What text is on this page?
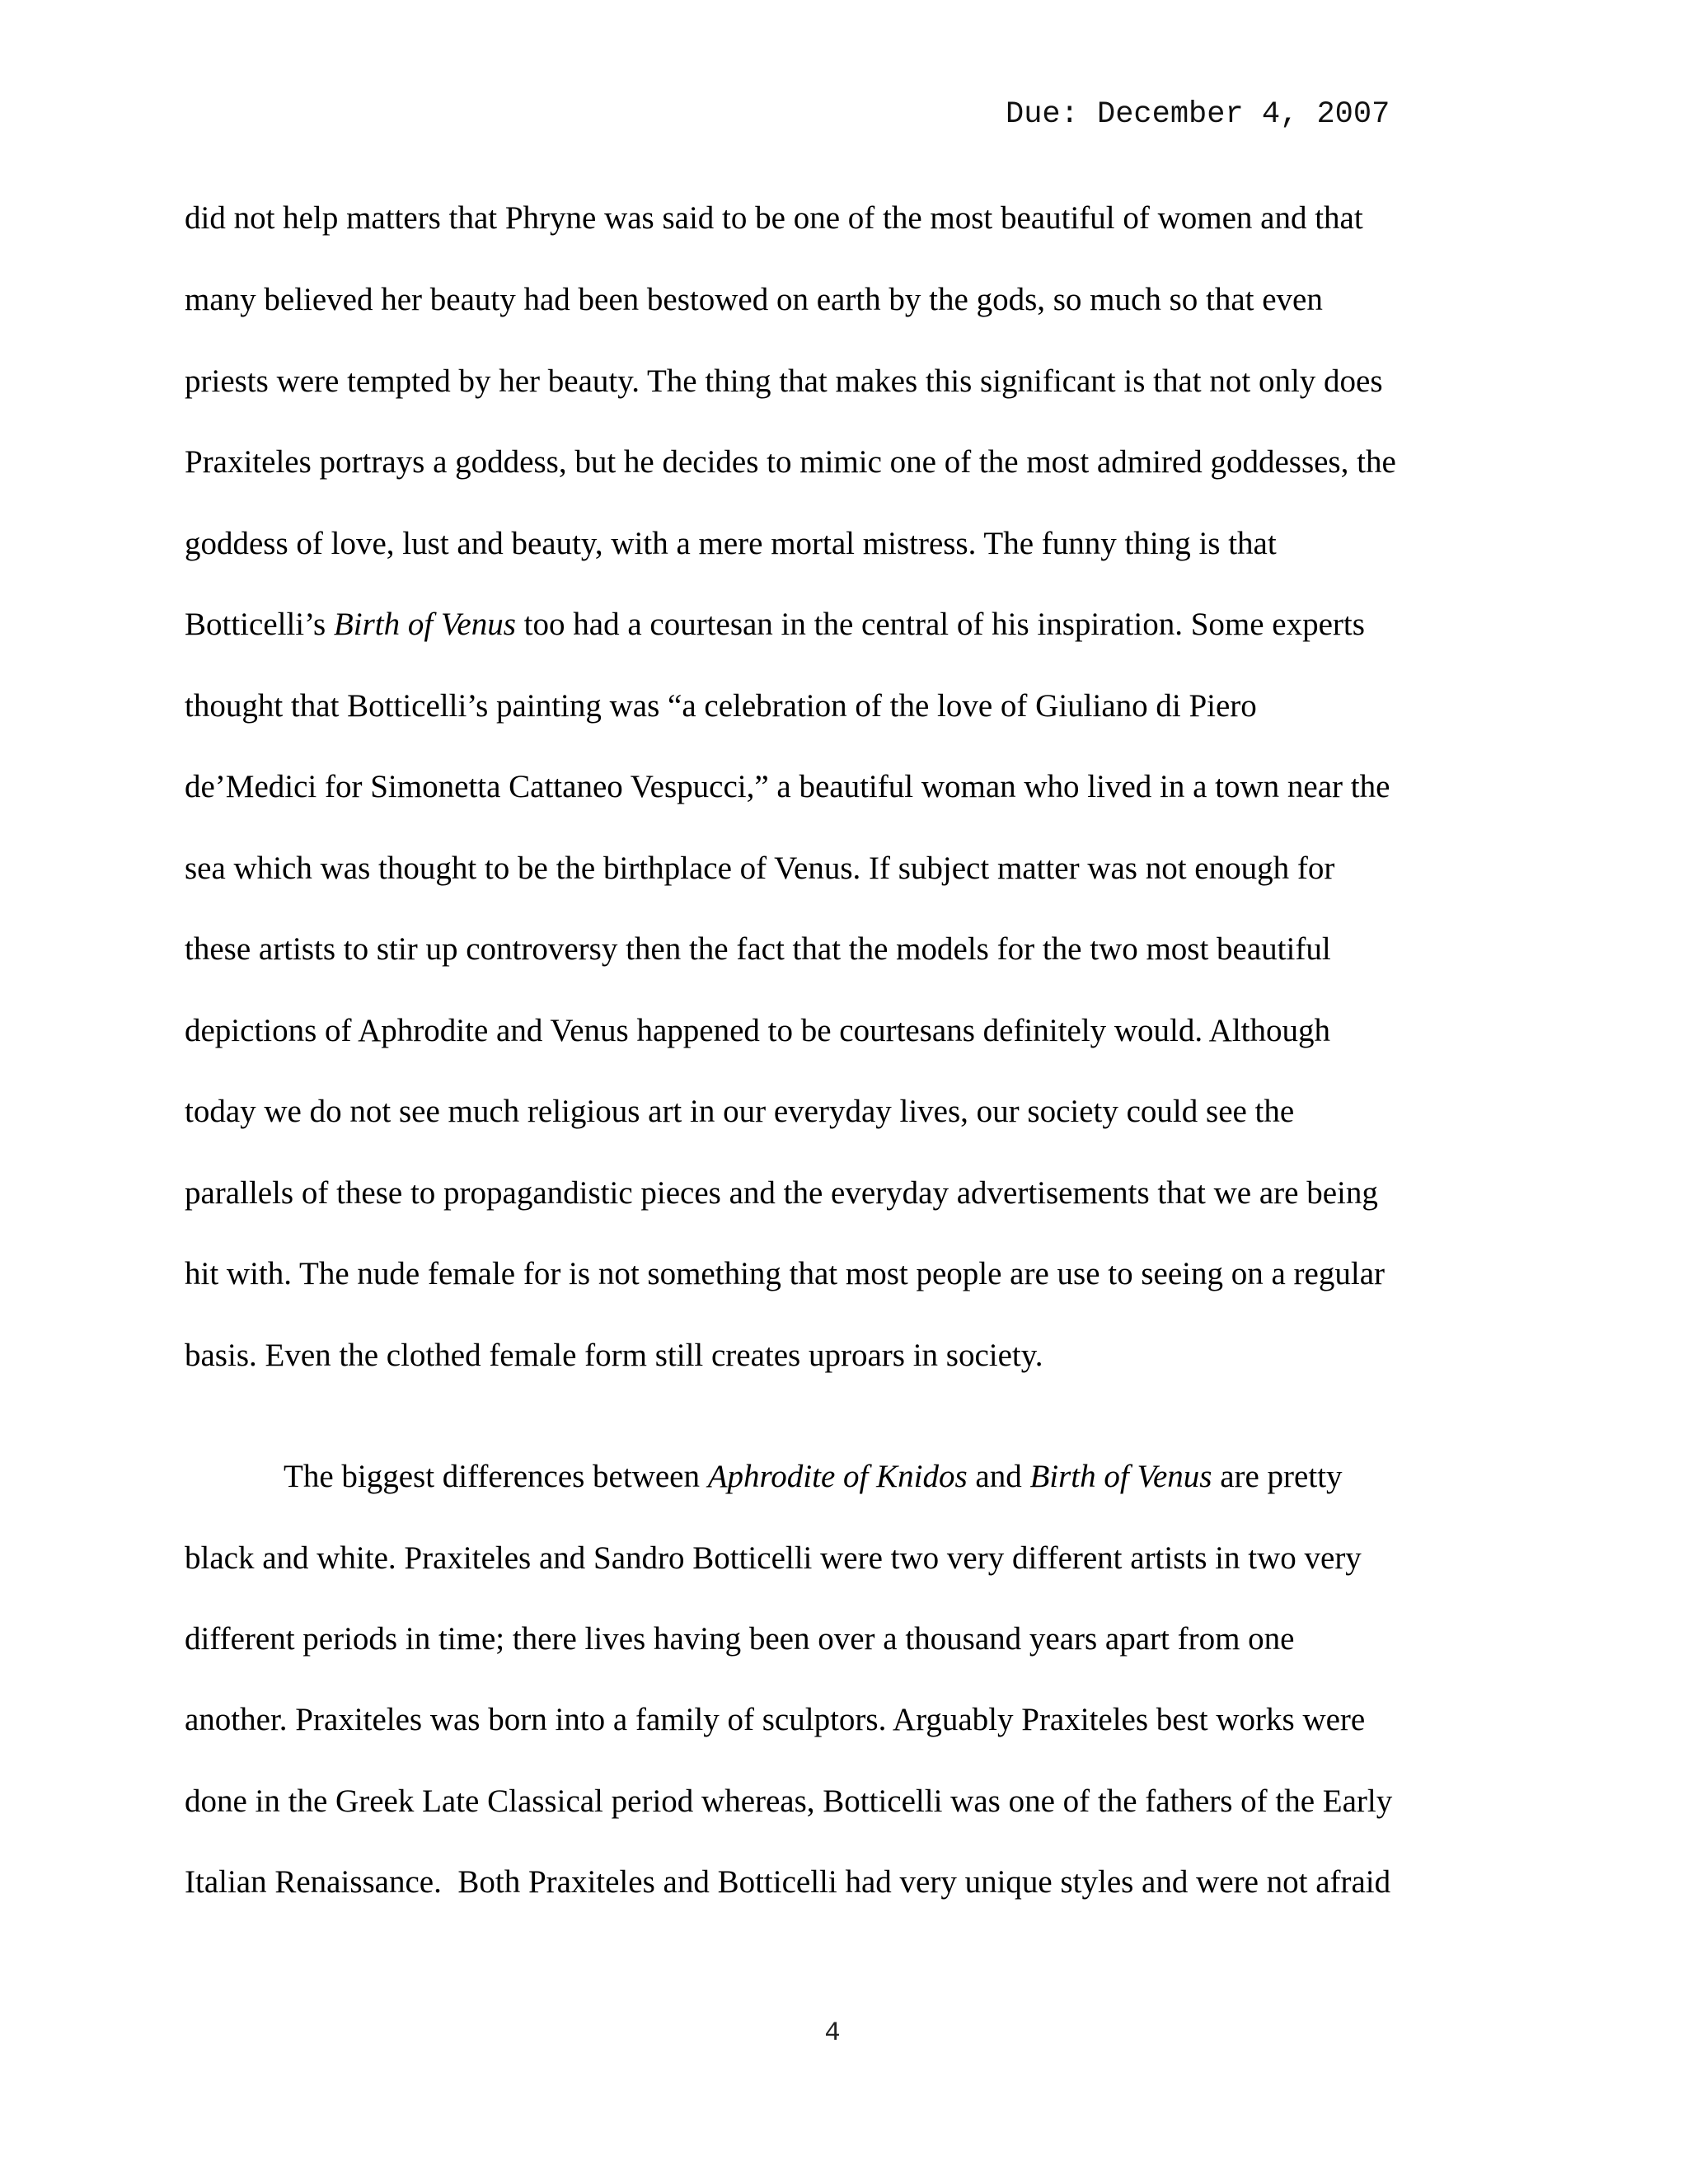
Due: December 4, 2007
did not help matters that Phryne was said to be one of the most beautiful of women and that
many believed her beauty had been bestowed on earth by the gods, so much so that even
priests were tempted by her beauty. The thing that makes this significant is that not only does
Praxiteles portrays a goddess, but he decides to mimic one of the most admired goddesses, the
goddess of love, lust and beauty, with a mere mortal mistress. The funny thing is that
Botticelli’s Birth of Venus too had a courtesan in the central of his inspiration. Some experts
thought that Botticelli’s painting was “a celebration of the love of Giuliano di Piero
de’Medici for Simonetta Cattaneo Vespucci,” a beautiful woman who lived in a town near the
sea which was thought to be the birthplace of Venus. If subject matter was not enough for
these artists to stir up controversy then the fact that the models for the two most beautiful
depictions of Aphrodite and Venus happened to be courtesans definitely would. Although
today we do not see much religious art in our everyday lives, our society could see the
parallels of these to propagandistic pieces and the everyday advertisements that we are being
hit with. The nude female for is not something that most people are use to seeing on a regular
basis. Even the clothed female form still creates uproars in society.
The biggest differences between Aphrodite of Knidos and Birth of Venus are pretty
black and white. Praxiteles and Sandro Botticelli were two very different artists in two very
different periods in time; there lives having been over a thousand years apart from one
another. Praxiteles was born into a family of sculptors. Arguably Praxiteles best works were
done in the Greek Late Classical period whereas, Botticelli was one of the fathers of the Early
Italian Renaissance.  Both Praxiteles and Botticelli had very unique styles and were not afraid
4
